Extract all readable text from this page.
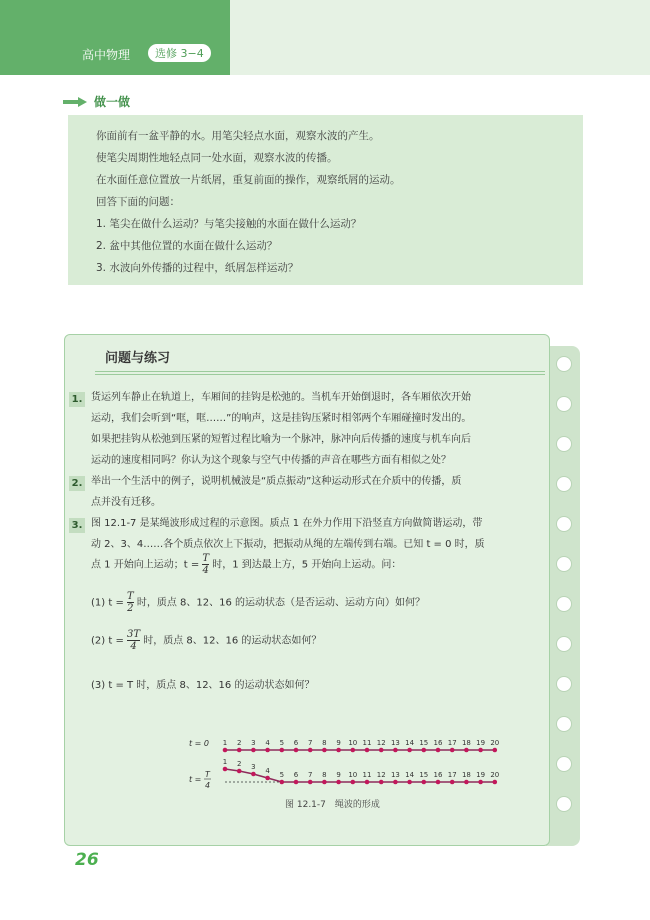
高中物理	选修 3−4
做一做
你面前有一盆平静的水。用笔尖轻点水面，观察水波的产生。
使笔尖周期性地轻点同一处水面，观察水波的传播。
在水面任意位置放一片纸屑，重复前面的操作，观察纸屑的运动。
回答下面的问题：
1. 笔尖在做什么运动？与笔尖接触的水面在做什么运动？
2. 盆中其他位置的水面在做什么运动？
3. 水波向外传播的过程中，纸屑怎样运动？
问题与练习
1. 货运列车静止在轨道上，车厢间的挂钩是松弛的。当机车开始倒退时，各车厢依次开始
运动，我们会听到“哐，哐……”的响声，这是挂钩压紧时相邻两个车厢碰撞时发出的。
如果把挂钩从松弛到压紧的短暂过程比喻为一个脉冲，脉冲向后传播的速度与机车向后
运动的速度相同吗？你认为这个现象与空气中传播的声音在哪些方面有相似之处？
2. 举出一个生活中的例子，说明机械波是“质点振动”这种运动形式在介质中的传播，质
点并没有迁移。
3. 图 12.1-7 是某绳波形成过程的示意图。质点 1 在外力作用下沿竖直方向做简谐运动，带
动 2、3、4……各个质点依次上下振动，把振动从绳的左端传到右端。已知 t = 0 时，质
点 1 开始向上运动；$t = \frac{T}{4}$ 时，1 到达最上方，5 开始向上运动。问：
(1) $t = \frac{T}{2}$ 时，质点 8、12、16 的运动状态（是否运动、运动方向）如何？
(2) $t = \frac{3T}{4}$ 时，质点 8、12、16 的运动状态如何？
(3) t = T 时，质点 8、12、16 的运动状态如何？
t = 0
t =
T
4
1
1
2
2
3
3
4
4
5
5
6
6
7
7
8
8
9
9
10
10
11
11
12
12
13
13
14
14
15
15
16
16
17
17
18
18
19
19
20
20
图 12.1-7　绳波的形成
26
